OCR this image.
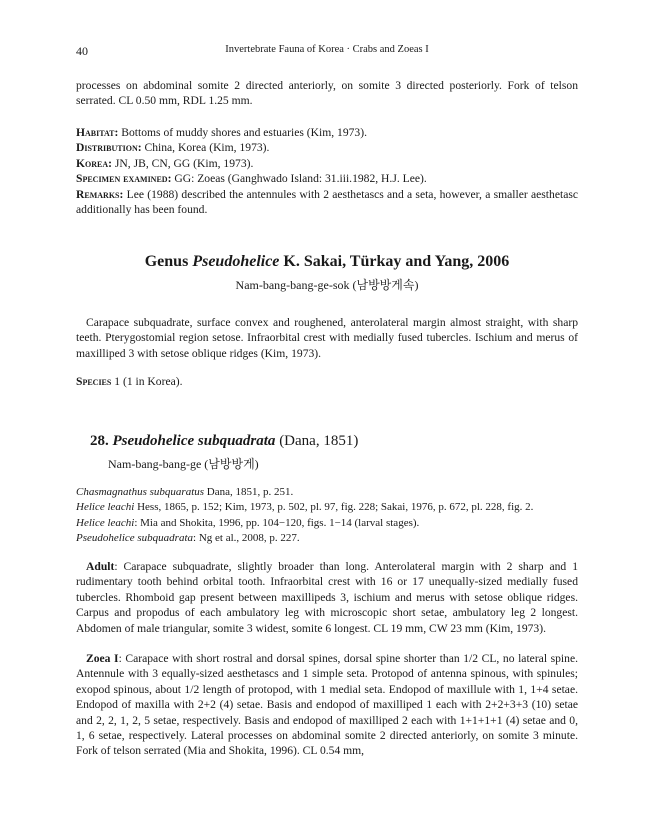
40	Invertebrate Fauna of Korea · Crabs and Zoeas I

processes on abdominal somite 2 directed anteriorly, on somite 3 directed posteriorly. Fork of telson serrated. CL 0.50 mm, RDL 1.25 mm.

Habitat: Bottoms of muddy shores and estuaries (Kim, 1973).
Distribution: China, Korea (Kim, 1973).
Korea: JN, JB, CN, GG (Kim, 1973).
Specimen examined: GG: Zoeas (Ganghwado Island: 31.iii.1982, H.J. Lee).
Remarks: Lee (1988) described the antennules with 2 aesthetascs and a seta, however, a smaller aesthetasc additionally has been found.

Genus Pseudohelice K. Sakai, Türkay and Yang, 2006

Nam-bang-bang-ge-sok (남방방게속)

Carapace subquadrate, surface convex and roughened, anterolateral margin almost straight, with sharp teeth. Pterygostomial region setose. Infraorbital crest with medially fused tubercles. Ischium and merus of maxilliped 3 with setose oblique ridges (Kim, 1973).

Species 1 (1 in Korea).

28. Pseudohelice subquadrata (Dana, 1851)

Nam-bang-bang-ge (남방방게)

Chasmagnathus subquaratus Dana, 1851, p. 251.
Helice leachi Hess, 1865, p. 152; Kim, 1973, p. 502, pl. 97, fig. 228; Sakai, 1976, p. 672, pl. 228, fig. 2.
Helice leachi: Mia and Shokita, 1996, pp. 104−120, figs. 1−14 (larval stages).
Pseudohelice subquadrata: Ng et al., 2008, p. 227.

Adult: Carapace subquadrate, slightly broader than long. Anterolateral margin with 2 sharp and 1 rudimentary tooth behind orbital tooth. Infraorbital crest with 16 or 17 unequally-sized medially fused tubercles. Rhomboid gap present between maxillipeds 3, ischium and merus with setose oblique ridges. Carpus and propodus of each ambulatory leg with microscopic short setae, ambulatory leg 2 longest. Abdomen of male triangular, somite 3 widest, somite 6 longest. CL 19 mm, CW 23 mm (Kim, 1973).

Zoea I: Carapace with short rostral and dorsal spines, dorsal spine shorter than 1/2 CL, no lateral spine. Antennule with 3 equally-sized aesthetascs and 1 simple seta. Protopod of antenna spinous, with spinules; exopod spinous, about 1/2 length of protopod, with 1 medial seta. Endopod of maxillule with 1, 1+4 setae. Endopod of maxilla with 2+2 (4) setae. Basis and endopod of maxilliped 1 each with 2+2+3+3 (10) setae and 2, 2, 1, 2, 5 setae, respectively. Basis and endopod of maxilliped 2 each with 1+1+1+1 (4) setae and 0, 1, 6 setae, respectively. Lateral processes on abdominal somite 2 directed anteriorly, on somite 3 minute. Fork of telson serrated (Mia and Shokita, 1996). CL 0.54 mm,
